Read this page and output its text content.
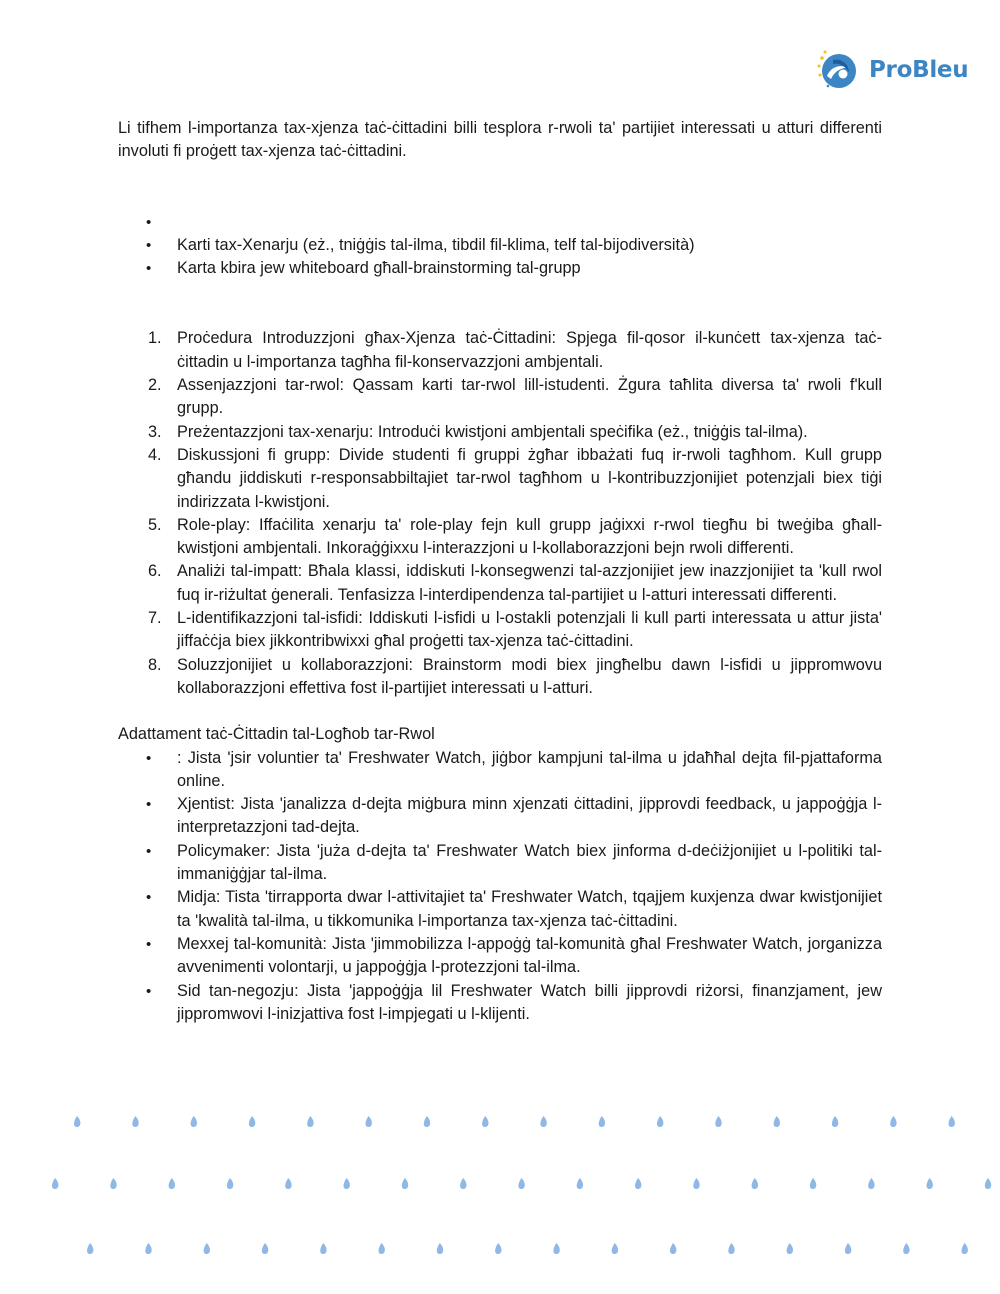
ProBleu

Li tifhem l-importanza tax-xjenza taċ-ċittadini billi tesplora r-rwoli ta' partijiet interessati u atturi differenti involuti fi proġett tax-xjenza taċ-ċittadini.

•

• Karti tax-Xenarju (eż., tniġġis tal-ilma, tibdil fil-klima, telf tal-bijodiversità)
• Karta kbira jew whiteboard għall-brainstorming tal-grupp
1. Proċedura Introduzzjoni għax-Xjenza taċ-Ċittadini: Spjega fil-qosor il-kunċett tax-xjenza taċ-ċittadin u l-importanza tagħha fil-konservazzjoni ambjentali.
2. Assenjazzjoni tar-rwol: Qassam karti tar-rwol lill-istudenti. Żgura taħlita diversa ta' rwoli f'kull grupp.
3. Preżentazzjoni tax-xenarju: Introduċi kwistjoni ambjentali speċifika (eż., tniġġis tal-ilma).
4. Diskussjoni fi grupp: Divide studenti fi gruppi żgħar ibbażati fuq ir-rwoli tagħhom. Kull grupp għandu jiddiskuti r-responsabbiltajiet tar-rwol tagħhom u l-kontribuzzjonijiet potenzjali biex tiġi indirizzata l-kwistjoni.
5. Role-play: Iffaċilita xenarju ta' role-play fejn kull grupp jaġixxi r-rwol tiegħu bi tweġiba għall-kwistjoni ambjentali. Inkoraġġixxu l-interazzjoni u l-kollaborazzjoni bejn rwoli differenti.
6. Analiżi tal-impatt: Bħala klassi, iddiskuti l-konsegwenzi tal-azzjonijiet jew inazzjonijiet ta 'kull rwol fuq ir-riżultat ġenerali. Tenfasizza l-interdipendenza tal-partijiet u l-atturi interessati differenti.
7. L-identifikazzjoni tal-isfidi: Iddiskuti l-isfidi u l-ostakli potenzjali li kull parti interessata u attur jista' jiffaċċja biex jikkontribwixxi għal proġetti tax-xjenza taċ-ċittadini.
8. Soluzzjonijiet u kollaborazzjoni: Brainstorm modi biex jingħelbu dawn l-isfidi u jippromwovu kollaborazzjoni effettiva fost il-partijiet interessati u l-atturi.

Adattament taċ-Ċittadin tal-Logħob tar-Rwol

• : Jista 'jsir voluntier ta' Freshwater Watch, jiġbor kampjuni tal-ilma u jdaħħal dejta fil-pjattaforma online.
• Xjentist: Jista 'janalizza d-dejta miġbura minn xjenzati ċittadini, jipprovdi feedback, u jappoġġja l-interpretazzjoni tad-dejta.
• Policymaker: Jista 'juża d-dejta ta' Freshwater Watch biex jinforma d-deċiżjonijiet u l-politiki tal-immaniġġjar tal-ilma.
• Midja: Tista 'tirrapporta dwar l-attivitajiet ta' Freshwater Watch, tqajjem kuxjenza dwar kwistjonijiet ta 'kwalità tal-ilma, u tikkomunika l-importanza tax-xjenza taċ-ċittadini.
• Mexxej tal-komunità: Jista 'jimmobilizza l-appoġġ tal-komunità għal Freshwater Watch, jorganizza avvenimenti volontarji, u jappoġġja l-protezzjoni tal-ilma.
• Sid tan-negozju: Jista 'jappoġġja lil Freshwater Watch billi jipprovdi riżorsi, finanzjament, jew jippromwovi l-inizjattiva fost l-impjegati u l-klijenti.
